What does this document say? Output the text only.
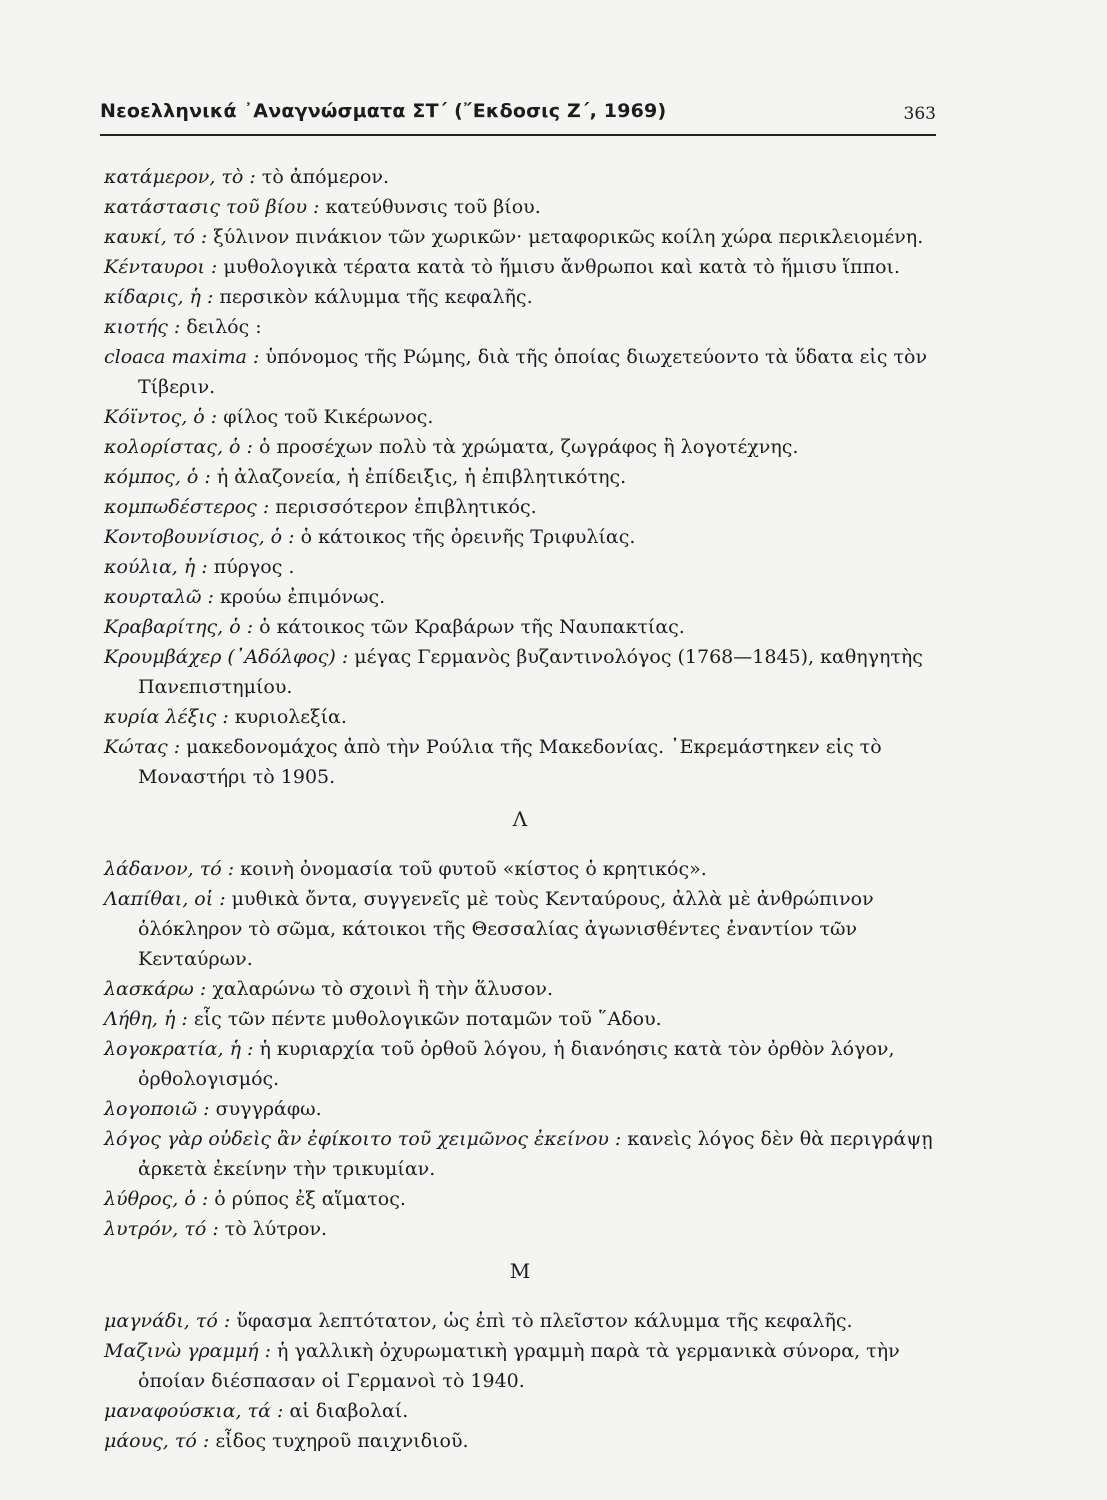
Νεοελληνικά ᾿Αναγνώσματα ΣΤ΄ (῎Εκδοσις Ζ΄, 1969)	363

κατάμερον, τὸ : τὸ ἀπόμερον.

κατάστασις τοῦ βίου : κατεύθυνσις τοῦ βίου.

καυκί, τό : ξύλινον πινάκιον τῶν χωρικῶν· μεταφορικῶς κοίλη χώρα περικλειομένη.

Κένταυροι : μυθολογικὰ τέρατα κατὰ τὸ ἥμισυ ἄνθρωποι καὶ κατὰ τὸ ἥμισυ ἵπποι.

κίδαρις, ἡ : περσικὸν κάλυμμα τῆς κεφαλῆς.

κιοτής : δειλός :

cloaca maxima : ὑπόνομος τῆς Ρώμης, διὰ τῆς ὁποίας διωχετεύοντο τὰ ὕδατα εἰς τὸν Τίβεριν.

Κόϊντος, ὁ : φίλος τοῦ Κικέρωνος.

κολορίστας, ὁ : ὁ προσέχων πολὺ τὰ χρώματα, ζωγράφος ἢ λογοτέχνης.

κόμπος, ὁ : ἡ ἀλαζονεία, ἡ ἐπίδειξις, ἡ ἐπιβλητικότης.

κομπωδέστερος : περισσότερον ἐπιβλητικός.

Κοντοβουνίσιος, ὁ : ὁ κάτοικος τῆς ὀρεινῆς Τριφυλίας.

κούλια, ἡ : πύργος .

κουρταλῶ : κρούω ἐπιμόνως.

Κραβαρίτης, ὁ : ὁ κάτοικος τῶν Κραβάρων τῆς Ναυπακτίας.

Κρουμβάχερ (᾿Αδόλφος) : μέγας Γερμανὸς βυζαντινολόγος (1768—1845), καθηγητὴς Πανεπιστημίου.

κυρία λέξις : κυριολεξία.

Κώτας : μακεδονομάχος ἀπὸ τὴν Ρούλια τῆς Μακεδονίας. ᾿Εκρεμάστηκεν εἰς τὸ Μοναστήρι τὸ 1905.

Λ

λάδανον, τό : κοινὴ ὀνομασία τοῦ φυτοῦ «κίστος ὁ κρητικός».

Λαπίθαι, οἱ : μυθικὰ ὄντα, συγγενεῖς μὲ τοὺς Κενταύρους, ἀλλὰ μὲ ἀνθρώπινον ὁλόκληρον τὸ σῶμα, κάτοικοι τῆς Θεσσαλίας ἀγωνισθέντες ἐναντίον τῶν Κενταύρων.

λασκάρω : χαλαρώνω τὸ σχοινὶ ἢ τὴν ἅλυσον.

Λήθη, ἡ : εἷς τῶν πέντε μυθολογικῶν ποταμῶν τοῦ ῞Αδου.

λογοκρατία, ἡ : ἡ κυριαρχία τοῦ ὀρθοῦ λόγου, ἡ διανόησις κατὰ τὸν ὀρθὸν λόγον, ὀρθολογισμός.

λογοποιῶ : συγγράφω.

λόγος γὰρ οὐδεὶς ἂν ἐφίκοιτο τοῦ χειμῶνος ἐκείνου : κανεὶς λόγος δὲν θὰ περιγράψῃ ἀρκετὰ ἐκείνην τὴν τρικυμίαν.

λύθρος, ὁ : ὁ ρύπος ἐξ αἵματος.

λυτρόν, τό : τὸ λύτρον.

Μ

μαγνάδι, τό : ὕφασμα λεπτότατον, ὡς ἐπὶ τὸ πλεῖστον κάλυμμα τῆς κεφαλῆς.

Μαζινὼ γραμμή : ἡ γαλλικὴ ὀχυρωματικὴ γραμμὴ παρὰ τὰ γερμανικὰ σύνορα, τὴν ὁποίαν διέσπασαν οἱ Γερμανοὶ τὸ 1940.

μαναφούσκια, τά : αἱ διαβολαί.

μάους, τό : εἶδος τυχηροῦ παιχνιδιοῦ.
